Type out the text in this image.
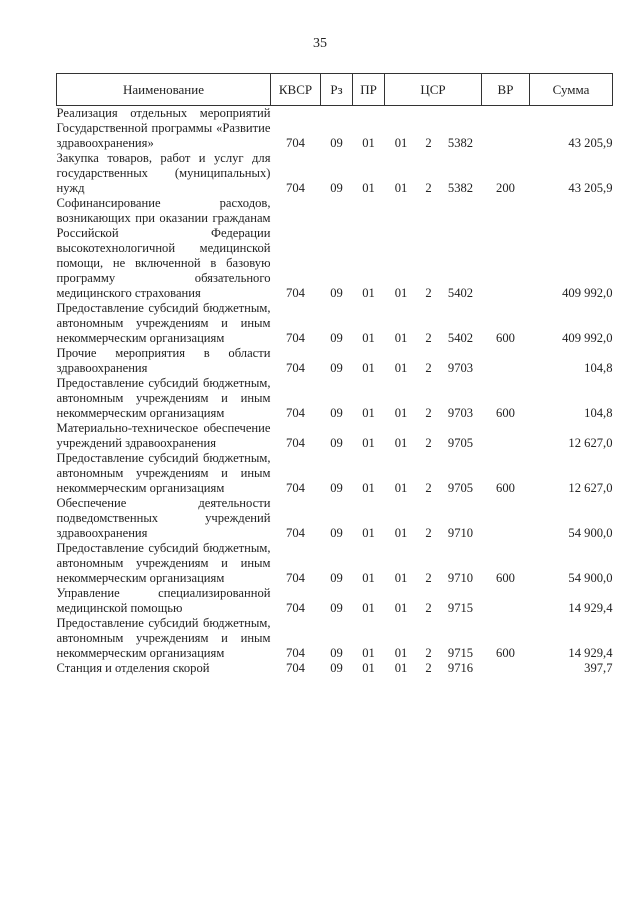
35
Наименование	КВСР	Рз	ПР	ЦСР			ВР	Сумма
Реализация отдельных мероприятий Государственной программы «Развитие здравоохранения»	704	09	01	01	2	5382		43 205,9
Закупка товаров, работ и услуг для государственных (муниципальных) нужд	704	09	01	01	2	5382	200	43 205,9
Софинансирование расходов, возникающих при оказании гражданам Российской Федерации высокотехнологичной медицинской помощи, не включенной в базовую программу обязательного медицинского страхования	704	09	01	01	2	5402		409 992,0
Предоставление субсидий бюджетным, автономным учреждениям и иным некоммерческим организациям	704	09	01	01	2	5402	600	409 992,0
Прочие мероприятия в области здравоохранения	704	09	01	01	2	9703		104,8
Предоставление субсидий бюджетным, автономным учреждениям и иным некоммерческим организациям	704	09	01	01	2	9703	600	104,8
Материально-техническое обеспечение учреждений здравоохранения	704	09	01	01	2	9705		12 627,0
Предоставление субсидий бюджетным, автономным учреждениям и иным некоммерческим организациям	704	09	01	01	2	9705	600	12 627,0
Обеспечение деятельности подведомственных учреждений здравоохранения	704	09	01	01	2	9710		54 900,0
Предоставление субсидий бюджетным, автономным учреждениям и иным некоммерческим организациям	704	09	01	01	2	9710	600	54 900,0
Управление специализированной медицинской помощью	704	09	01	01	2	9715		14 929,4
Предоставление субсидий бюджетным, автономным учреждениям и иным некоммерческим организациям	704	09	01	01	2	9715	600	14 929,4
Станция и отделения скорой	704	09	01	01	2	9716		397,7
